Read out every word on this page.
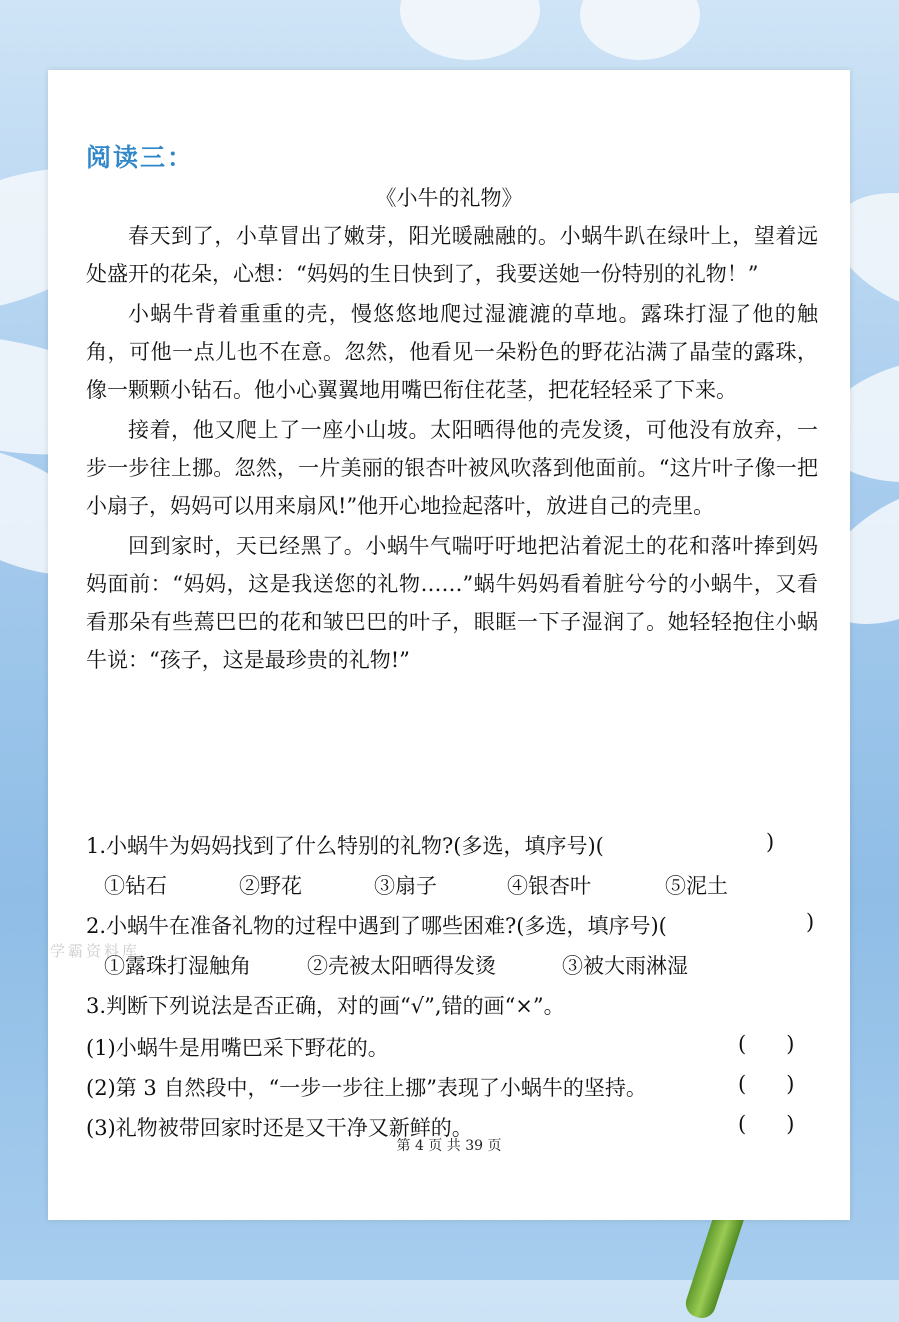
阅读三：
《小牛的礼物》

春天到了，小草冒出了嫩芽，阳光暖融融的。小蜗牛趴在绿叶上，望着远处盛开的花朵，心想：“妈妈的生日快到了，我要送她一份特别的礼物！”

小蜗牛背着重重的壳，慢悠悠地爬过湿漉漉的草地。露珠打湿了他的触角，可他一点儿也不在意。忽然，他看见一朵粉色的野花沾满了晶莹的露珠，像一颗颗小钻石。他小心翼翼地用嘴巴衔住花茎，把花轻轻采了下来。

接着，他又爬上了一座小山坡。太阳晒得他的壳发烫，可他没有放弃，一步一步往上挪。忽然，一片美丽的银杏叶被风吹落到他面前。“这片叶子像一把小扇子，妈妈可以用来扇风!”他开心地捡起落叶，放进自己的壳里。

回到家时，天已经黑了。小蜗牛气喘吁吁地把沾着泥土的花和落叶捧到妈妈面前：“妈妈，这是我送您的礼物……”蜗牛妈妈看着脏兮兮的小蜗牛，又看看那朵有些蔫巴巴的花和皱巴巴的叶子，眼眶一下子湿润了。她轻轻抱住小蜗牛说：“孩子，这是最珍贵的礼物!”

1.小蜗牛为妈妈找到了什么特别的礼物?(多选，填序号)(	)
①钻石	②野花	③扇子	④银杏叶	⑤泥土
2.小蜗牛在准备礼物的过程中遇到了哪些困难?(多选，填序号)(	)
①露珠打湿触角	②壳被太阳晒得发烫	③被大雨淋湿
3.判断下列说法是否正确，对的画“√”,错的画“×”。
(1)小蜗牛是用嘴巴采下野花的。	(      )
(2)第 3 自然段中，“一步一步往上挪”表现了小蜗牛的坚持。	(      )
(3)礼物被带回家时还是又干净又新鲜的。	(      )
第 4 页 共 39 页
学霸资料库
